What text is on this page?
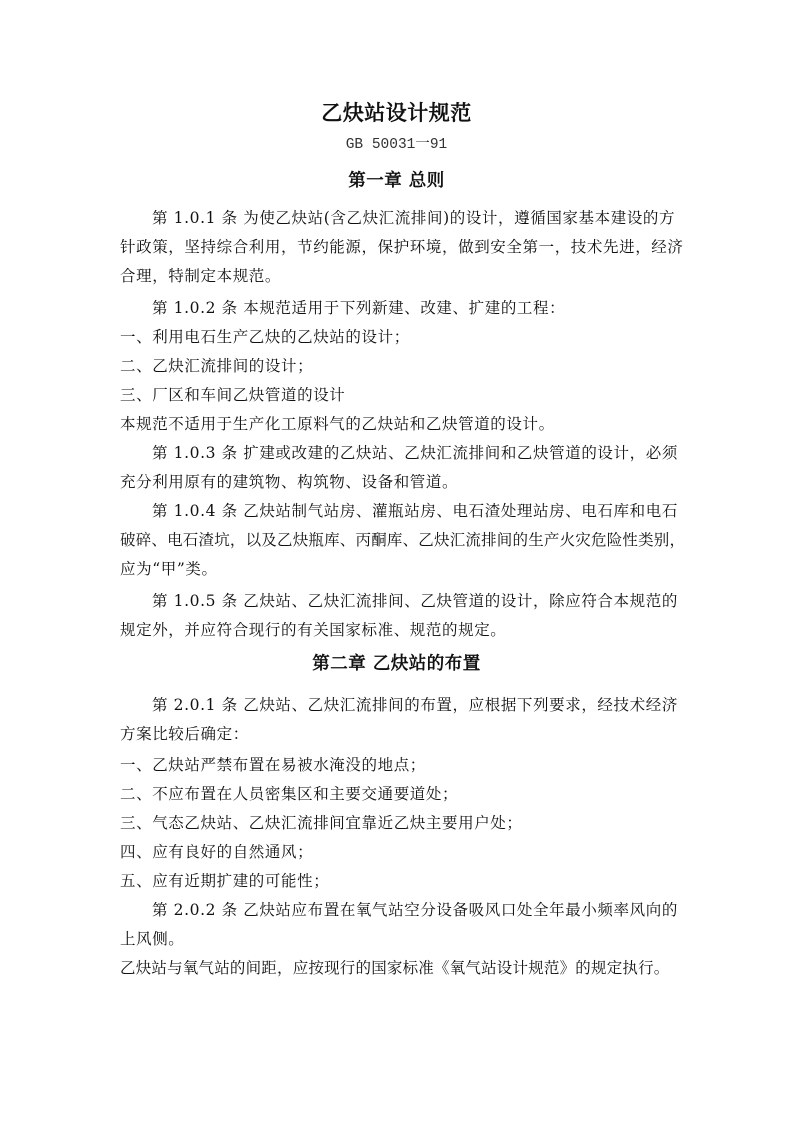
乙炔站设计规范
GB 50031一91
第一章 总则
第 1.0.1 条 为使乙炔站(含乙炔汇流排间)的设计，遵循国家基本建设的方
针政策，坚持综合利用，节约能源，保护环境，做到安全第一，技术先进，经济
合理，特制定本规范。
第 1.0.2 条 本规范适用于下列新建、改建、扩建的工程：
一、利用电石生产乙炔的乙炔站的设计；
二、乙炔汇流排间的设计；
三、厂区和车间乙炔管道的设计
本规范不适用于生产化工原料气的乙炔站和乙炔管道的设计。
第 1.0.3 条 扩建或改建的乙炔站、乙炔汇流排间和乙炔管道的设计，必须
充分利用原有的建筑物、构筑物、设备和管道。
第 1.0.4 条 乙炔站制气站房、灌瓶站房、电石渣处理站房、电石库和电石
破碎、电石渣坑，以及乙炔瓶库、丙酮库、乙炔汇流排间的生产火灾危险性类别，
应为“甲”类。
第 1.0.5 条 乙炔站、乙炔汇流排间、乙炔管道的设计，除应符合本规范的
规定外，并应符合现行的有关国家标准、规范的规定。
第二章 乙炔站的布置
第 2.0.1 条 乙炔站、乙炔汇流排间的布置，应根据下列要求，经技术经济
方案比较后确定：
一、乙炔站严禁布置在易被水淹没的地点；
二、不应布置在人员密集区和主要交通要道处；
三、气态乙炔站、乙炔汇流排间宜靠近乙炔主要用户处；
四、应有良好的自然通风；
五、应有近期扩建的可能性；
第 2.0.2 条 乙炔站应布置在氧气站空分设备吸风口处全年最小频率风向的
上风侧。
乙炔站与氧气站的间距，应按现行的国家标准《氧气站设计规范》的规定执行。
